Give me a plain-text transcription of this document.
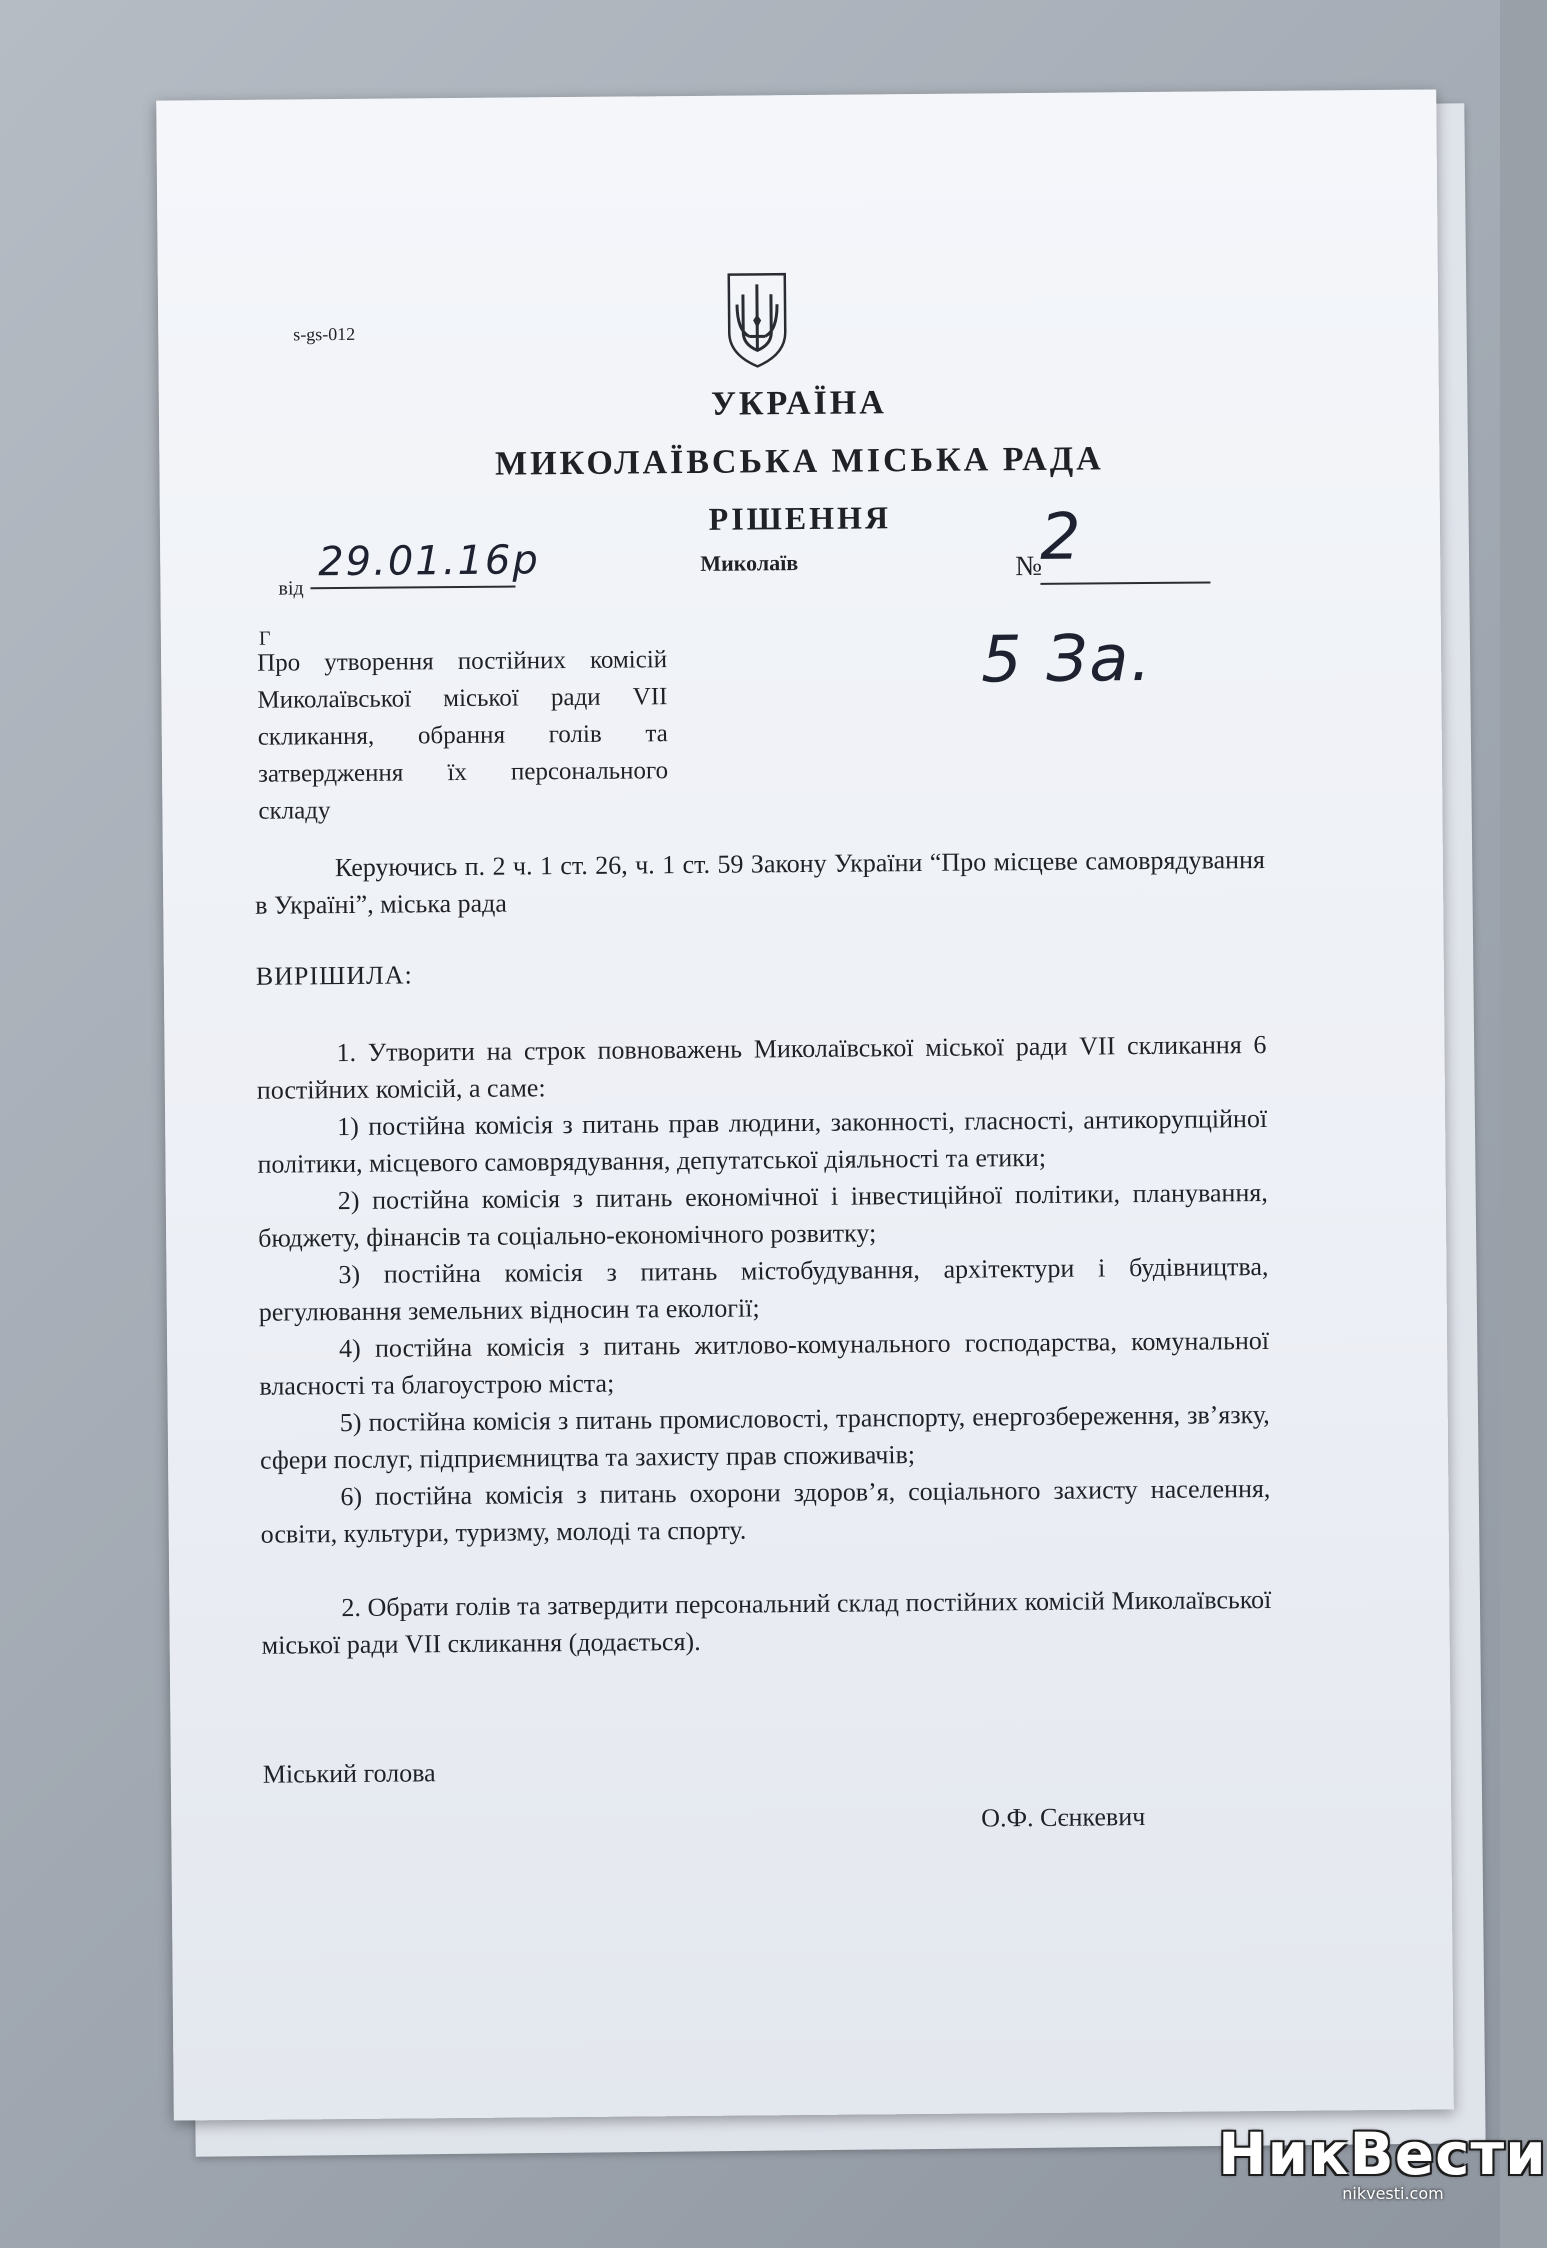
s-gs-012
УКРАЇНА
МИКОЛАЇВСЬКА МІСЬКА РАДА
РІШЕННЯ
від
29.01.16р	Миколаїв	№
2
5 За.
Г
Про утворення постійних комісій Миколаївської міської ради VII скликання, обрання голів та затвердження їх персонального складу
Керуючись п. 2 ч. 1 ст. 26, ч. 1 ст. 59 Закону України “Про місцеве самоврядування в Україні”, міська рада
ВИРІШИЛА:

1. Утворити на строк повноважень Миколаївської міської ради VII скликання 6 постійних комісій, а саме:

1) постійна комісія з питань прав людини, законності, гласності, антикорупційної політики, місцевого самоврядування, депутатської діяльності та етики;

2) постійна комісія з питань економічної і інвестиційної політики, планування, бюджету, фінансів та соціально-економічного розвитку;

3) постійна комісія з питань містобудування, архітектури і будівництва, регулювання земельних відносин та екології;

4) постійна комісія з питань житлово-комунального господарства, комунальної власності та благоустрою міста;

5) постійна комісія з питань промисловості, транспорту, енергозбереження, зв’язку, сфери послуг, підприємництва та захисту прав споживачів;

6) постійна комісія з питань охорони здоров’я, соціального захисту населення, освіти, культури, туризму, молоді та спорту.

2. Обрати голів та затвердити персональний склад постійних комісій Миколаївської міської ради VII скликання (додається).
Міський голова
О.Ф. Сєнкевич
НикВести
nikvesti.com
